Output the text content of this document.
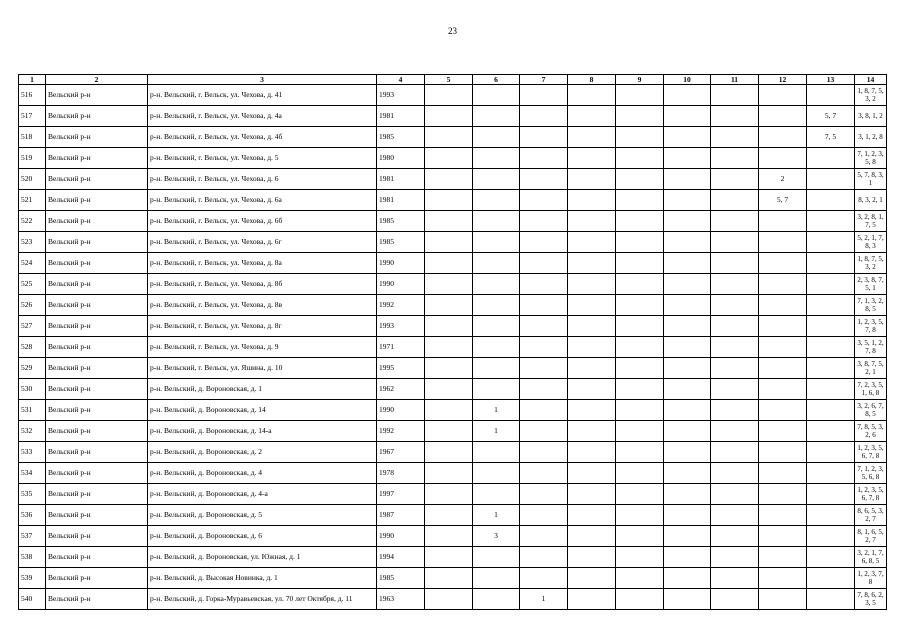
23
1	2	3	4	5	6	7	8	9	10	11	12	13	14
516	Вельский р-н	р-н. Вельский, г. Вельск, ул. Чехова, д. 41	1993										1, 8, 7, 5, 3, 2
517	Вельский р-н	р-н. Вельский, г. Вельск, ул. Чехова, д. 4а	1981									5, 7	3, 8, 1, 2
518	Вельский р-н	р-н. Вельский, г. Вельск, ул. Чехова, д. 4б	1985									7, 5	3, 1, 2, 8
519	Вельский р-н	р-н. Вельский, г. Вельск, ул. Чехова, д. 5	1980										7, 1, 2, 3, 5, 8
520	Вельский р-н	р-н. Вельский, г. Вельск, ул. Чехова, д. 6	1981								2		5, 7, 8, 3, 1
521	Вельский р-н	р-н. Вельский, г. Вельск, ул. Чехова, д. 6а	1981								5, 7		8, 3, 2, 1
522	Вельский р-н	р-н. Вельский, г. Вельск, ул. Чехова, д. 6б	1985										3, 2, 8, 1, 7, 5
523	Вельский р-н	р-н. Вельский, г. Вельск, ул. Чехова, д. 6г	1985										5, 2, 1, 7, 8, 3
524	Вельский р-н	р-н. Вельский, г. Вельск, ул. Чехова, д. 8а	1990										1, 8, 7, 5, 3, 2
525	Вельский р-н	р-н. Вельский, г. Вельск, ул. Чехова, д. 8б	1990										2, 3, 8, 7, 5, 1
526	Вельский р-н	р-н. Вельский, г. Вельск, ул. Чехова, д. 8в	1992										7, 1, 3, 2, 8, 5
527	Вельский р-н	р-н. Вельский, г. Вельск, ул. Чехова, д. 8г	1993										1, 2, 3, 5, 7, 8
528	Вельский р-н	р-н. Вельский, г. Вельск, ул. Чехова, д. 9	1971										3, 5, 1, 2, 7, 8
529	Вельский р-н	р-н. Вельский, г. Вельск, ул. Яшина, д. 10	1995										3, 8, 7, 5, 2, 1
530	Вельский р-н	р-н. Вельский, д. Вороновская, д. 1	1962										7, 2, 3, 5, 1, 6, 8
531	Вельский р-н	р-н. Вельский, д. Вороновская, д. 14	1990		1								3, 2, 6, 7, 8, 5
532	Вельский р-н	р-н. Вельский, д. Вороновская, д. 14-а	1992		1								7, 8, 5, 3, 2, 6
533	Вельский р-н	р-н. Вельский, д. Вороновская, д. 2	1967										1, 2, 3, 5, 6, 7, 8
534	Вельский р-н	р-н. Вельский, д. Вороновская, д. 4	1978										7, 1, 2, 3, 5, 6, 8
535	Вельский р-н	р-н. Вельский, д. Вороновская, д. 4-а	1997										1, 2, 3, 5, 6, 7, 8
536	Вельский р-н	р-н. Вельский, д. Вороновская, д. 5	1987		1								8, 6, 5, 3, 2, 7
537	Вельский р-н	р-н. Вельский, д. Вороновская, д. 6	1990		3								8, 1, 6, 5, 2, 7
538	Вельский р-н	р-н. Вельский, д. Вороновская, ул. Южная, д. 1	1994										3, 2, 1, 7, 6, 8, 5
539	Вельский р-н	р-н. Вельский, д. Высокая Новинка, д. 1	1985										1, 2, 3, 7, 8
540	Вельский р-н	р-н. Вельский, д. Горка-Муравьевская, ул. 70 лет Октября, д. 11	1963			1							7, 8, 6, 2, 3, 5
